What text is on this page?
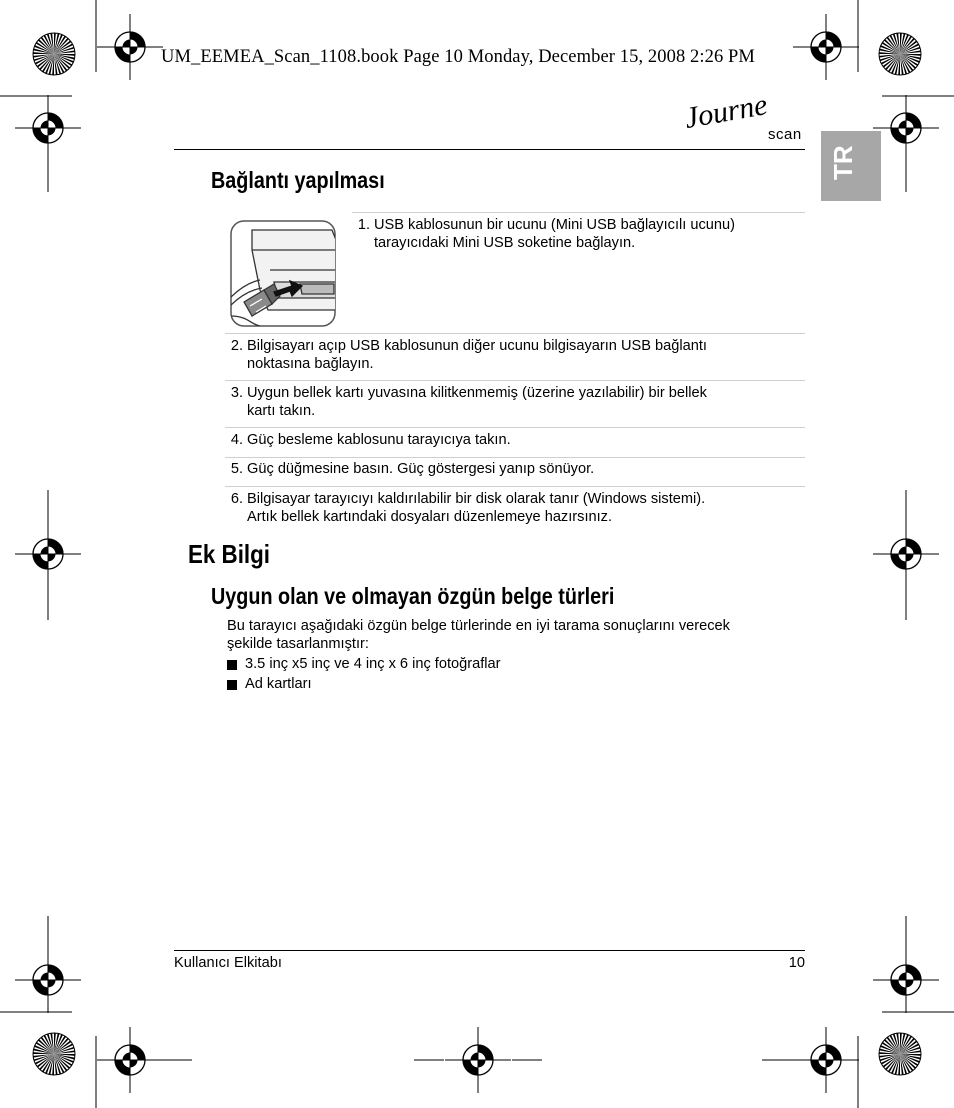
UM_EEMEA_Scan_1108.book Page 10 Monday, December 15, 2008 2:26 PM
Journe
scan
TR
Bağlantı yapılması
1. USB kablosunun bir ucunu (Mini USB bağlayıcılı ucunu)
tarayıcıdaki Mini USB soketine bağlayın.
2. Bilgisayarı açıp USB kablosunun diğer ucunu bilgisayarın USB bağlantı
noktasına bağlayın.
3. Uygun bellek kartı yuvasına kilitkenmemiş (üzerine yazılabilir) bir bellek
kartı takın.
4. Güç besleme kablosunu tarayıcıya takın.
5. Güç düğmesine basın. Güç göstergesi yanıp sönüyor.
6. Bilgisayar tarayıcıyı kaldırılabilir bir disk olarak tanır (Windows sistemi).
Artık bellek kartındaki dosyaları düzenlemeye hazırsınız.
Ek Bilgi
Uygun olan ve olmayan özgün belge türleri
Bu tarayıcı aşağıdaki özgün belge türlerinde en iyi tarama sonuçlarını verecek
şekilde tasarlanmıştır:
3.5 inç x5 inç ve 4 inç x 6 inç fotoğraflar
Ad kartları
Kullanıcı Elkitabı	10
